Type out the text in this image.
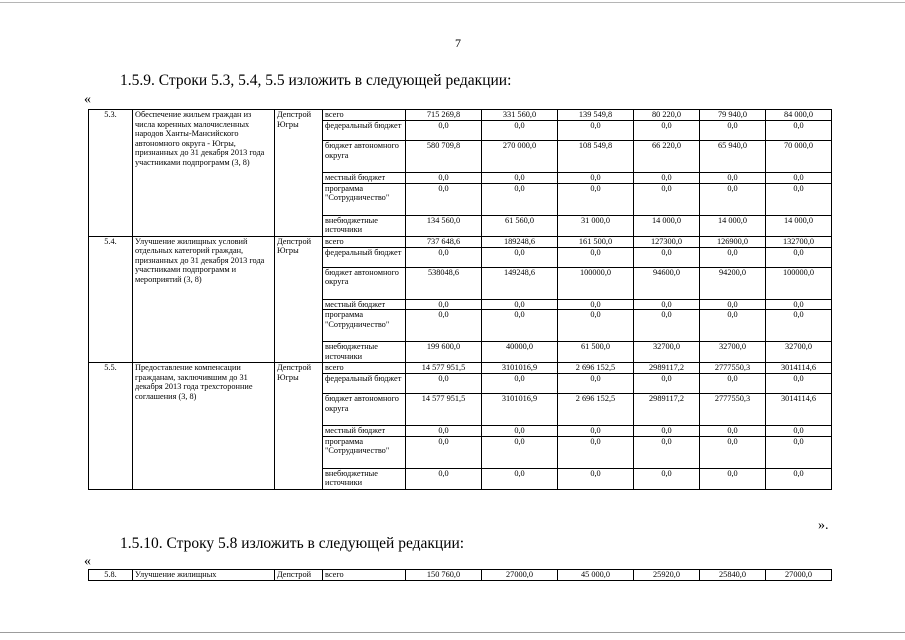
7
1.5.9. Строки 5.3, 5.4, 5.5 изложить в следующей редакции:
«
5.3.	Обеспечение жильем граждан из числа коренных малочисленных народов Ханты-Мансийского автономного округа - Югры, признанных до 31 декабря 2013 года участниками подпрограмм (3, 8)	Депстрой Югры	всего	715 269,8	331 560,0	139 549,8	80 220,0	79 940,0	84 000,0
			федеральный бюджет	0,0	0,0	0,0	0,0	0,0	0,0
			бюджет автономного округа	580 709,8	270 000,0	108 549,8	66 220,0	65 940,0	70 000,0
			местный бюджет	0,0	0,0	0,0	0,0	0,0	0,0
			программа "Сотрудничество"	0,0	0,0	0,0	0,0	0,0	0,0
			внебюджетные источники	134 560,0	61 560,0	31 000,0	14 000,0	14 000,0	14 000,0
5.4.	Улучшение жилищных условий отдельных категорий граждан, признанных до 31 декабря 2013 года участниками подпрограмм и мероприятий (3, 8)	Депстрой Югры	всего	737 648,6	189248,6	161 500,0	127300,0	126900,0	132700,0
			федеральный бюджет	0,0	0,0	0,0	0,0	0,0	0,0
			бюджет автономного округа	538048,6	149248,6	100000,0	94600,0	94200,0	100000,0
			местный бюджет	0,0	0,0	0,0	0,0	0,0	0,0
			программа "Сотрудничество"	0,0	0,0	0,0	0,0	0,0	0,0
			внебюджетные источники	199 600,0	40000,0	61 500,0	32700,0	32700,0	32700,0
5.5.	Предоставление компенсации гражданам, заключившим до 31 декабря 2013 года трехсторонние соглашения (3, 8)	Депстрой Югры	всего	14 577 951,5	3101016,9	2 696 152,5	2989117,2	2777550,3	3014114,6
			федеральный бюджет	0,0	0,0	0,0	0,0	0,0	0,0
			бюджет автономного округа	14 577 951,5	3101016,9	2 696 152,5	2989117,2	2777550,3	3014114,6
			местный бюджет	0,0	0,0	0,0	0,0	0,0	0,0
			программа "Сотрудничество"	0,0	0,0	0,0	0,0	0,0	0,0
			внебюджетные источники	0,0	0,0	0,0	0,0	0,0	0,0
».
1.5.10. Строку 5.8 изложить в следующей редакции:
«
5.8.	Улучшение жилищных	Депстрой	всего	150 760,0	27000,0	45 000,0	25920,0	25840,0	27000,0
